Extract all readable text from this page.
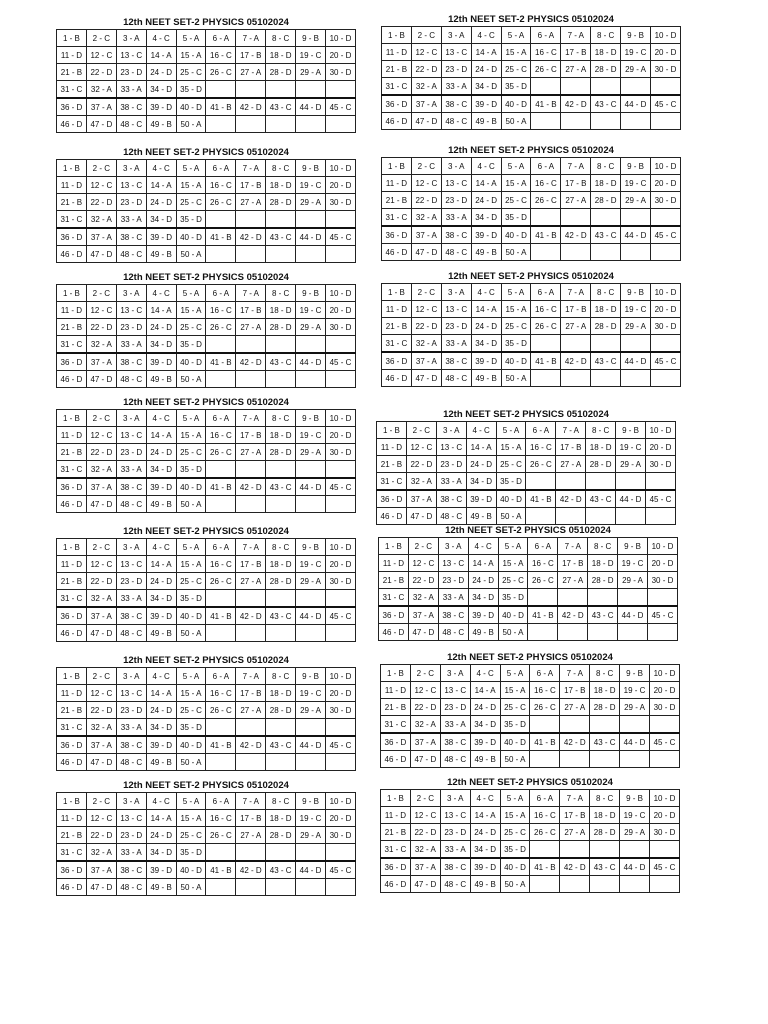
12th NEET SET-2 PHYSICS 05102024
1 - B	2 - C	3 - A	4 - C	5 - A	6 - A	7 - A	8 - C	9 - B	10 - D
11 - D	12 - C	13 - C	14 - A	15 - A	16 - C	17 - B	18 - D	19 - C	20 - D
21 - B	22 - D	23 - D	24 - D	25 - C	26 - C	27 - A	28 - D	29 - A	30 - D
31 - C	32 - A	33 - A	34 - D	35 - D					
36 - D	37 - A	38 - C	39 - D	40 - D	41 - B	42 - D	43 - C	44 - D	45 - C
46 - D	47 - D	48 - C	49 - B	50 - A					
12th NEET SET-2 PHYSICS 05102024
1 - B	2 - C	3 - A	4 - C	5 - A	6 - A	7 - A	8 - C	9 - B	10 - D
11 - D	12 - C	13 - C	14 - A	15 - A	16 - C	17 - B	18 - D	19 - C	20 - D
21 - B	22 - D	23 - D	24 - D	25 - C	26 - C	27 - A	28 - D	29 - A	30 - D
31 - C	32 - A	33 - A	34 - D	35 - D					
36 - D	37 - A	38 - C	39 - D	40 - D	41 - B	42 - D	43 - C	44 - D	45 - C
46 - D	47 - D	48 - C	49 - B	50 - A					
12th NEET SET-2 PHYSICS 05102024
1 - B	2 - C	3 - A	4 - C	5 - A	6 - A	7 - A	8 - C	9 - B	10 - D
11 - D	12 - C	13 - C	14 - A	15 - A	16 - C	17 - B	18 - D	19 - C	20 - D
21 - B	22 - D	23 - D	24 - D	25 - C	26 - C	27 - A	28 - D	29 - A	30 - D
31 - C	32 - A	33 - A	34 - D	35 - D					
36 - D	37 - A	38 - C	39 - D	40 - D	41 - B	42 - D	43 - C	44 - D	45 - C
46 - D	47 - D	48 - C	49 - B	50 - A					
12th NEET SET-2 PHYSICS 05102024
1 - B	2 - C	3 - A	4 - C	5 - A	6 - A	7 - A	8 - C	9 - B	10 - D
11 - D	12 - C	13 - C	14 - A	15 - A	16 - C	17 - B	18 - D	19 - C	20 - D
21 - B	22 - D	23 - D	24 - D	25 - C	26 - C	27 - A	28 - D	29 - A	30 - D
31 - C	32 - A	33 - A	34 - D	35 - D					
36 - D	37 - A	38 - C	39 - D	40 - D	41 - B	42 - D	43 - C	44 - D	45 - C
46 - D	47 - D	48 - C	49 - B	50 - A					
12th NEET SET-2 PHYSICS 05102024
1 - B	2 - C	3 - A	4 - C	5 - A	6 - A	7 - A	8 - C	9 - B	10 - D
11 - D	12 - C	13 - C	14 - A	15 - A	16 - C	17 - B	18 - D	19 - C	20 - D
21 - B	22 - D	23 - D	24 - D	25 - C	26 - C	27 - A	28 - D	29 - A	30 - D
31 - C	32 - A	33 - A	34 - D	35 - D					
36 - D	37 - A	38 - C	39 - D	40 - D	41 - B	42 - D	43 - C	44 - D	45 - C
46 - D	47 - D	48 - C	49 - B	50 - A					
12th NEET SET-2 PHYSICS 05102024
1 - B	2 - C	3 - A	4 - C	5 - A	6 - A	7 - A	8 - C	9 - B	10 - D
11 - D	12 - C	13 - C	14 - A	15 - A	16 - C	17 - B	18 - D	19 - C	20 - D
21 - B	22 - D	23 - D	24 - D	25 - C	26 - C	27 - A	28 - D	29 - A	30 - D
31 - C	32 - A	33 - A	34 - D	35 - D					
36 - D	37 - A	38 - C	39 - D	40 - D	41 - B	42 - D	43 - C	44 - D	45 - C
46 - D	47 - D	48 - C	49 - B	50 - A					
12th NEET SET-2 PHYSICS 05102024
1 - B	2 - C	3 - A	4 - C	5 - A	6 - A	7 - A	8 - C	9 - B	10 - D
11 - D	12 - C	13 - C	14 - A	15 - A	16 - C	17 - B	18 - D	19 - C	20 - D
21 - B	22 - D	23 - D	24 - D	25 - C	26 - C	27 - A	28 - D	29 - A	30 - D
31 - C	32 - A	33 - A	34 - D	35 - D					
36 - D	37 - A	38 - C	39 - D	40 - D	41 - B	42 - D	43 - C	44 - D	45 - C
46 - D	47 - D	48 - C	49 - B	50 - A					
12th NEET SET-2 PHYSICS 05102024
1 - B	2 - C	3 - A	4 - C	5 - A	6 - A	7 - A	8 - C	9 - B	10 - D
11 - D	12 - C	13 - C	14 - A	15 - A	16 - C	17 - B	18 - D	19 - C	20 - D
21 - B	22 - D	23 - D	24 - D	25 - C	26 - C	27 - A	28 - D	29 - A	30 - D
31 - C	32 - A	33 - A	34 - D	35 - D					
36 - D	37 - A	38 - C	39 - D	40 - D	41 - B	42 - D	43 - C	44 - D	45 - C
46 - D	47 - D	48 - C	49 - B	50 - A					
12th NEET SET-2 PHYSICS 05102024
1 - B	2 - C	3 - A	4 - C	5 - A	6 - A	7 - A	8 - C	9 - B	10 - D
11 - D	12 - C	13 - C	14 - A	15 - A	16 - C	17 - B	18 - D	19 - C	20 - D
21 - B	22 - D	23 - D	24 - D	25 - C	26 - C	27 - A	28 - D	29 - A	30 - D
31 - C	32 - A	33 - A	34 - D	35 - D					
36 - D	37 - A	38 - C	39 - D	40 - D	41 - B	42 - D	43 - C	44 - D	45 - C
46 - D	47 - D	48 - C	49 - B	50 - A					
12th NEET SET-2 PHYSICS 05102024
1 - B	2 - C	3 - A	4 - C	5 - A	6 - A	7 - A	8 - C	9 - B	10 - D
11 - D	12 - C	13 - C	14 - A	15 - A	16 - C	17 - B	18 - D	19 - C	20 - D
21 - B	22 - D	23 - D	24 - D	25 - C	26 - C	27 - A	28 - D	29 - A	30 - D
31 - C	32 - A	33 - A	34 - D	35 - D					
36 - D	37 - A	38 - C	39 - D	40 - D	41 - B	42 - D	43 - C	44 - D	45 - C
46 - D	47 - D	48 - C	49 - B	50 - A					
12th NEET SET-2 PHYSICS 05102024
1 - B	2 - C	3 - A	4 - C	5 - A	6 - A	7 - A	8 - C	9 - B	10 - D
11 - D	12 - C	13 - C	14 - A	15 - A	16 - C	17 - B	18 - D	19 - C	20 - D
21 - B	22 - D	23 - D	24 - D	25 - C	26 - C	27 - A	28 - D	29 - A	30 - D
31 - C	32 - A	33 - A	34 - D	35 - D					
36 - D	37 - A	38 - C	39 - D	40 - D	41 - B	42 - D	43 - C	44 - D	45 - C
46 - D	47 - D	48 - C	49 - B	50 - A					
12th NEET SET-2 PHYSICS 05102024
1 - B	2 - C	3 - A	4 - C	5 - A	6 - A	7 - A	8 - C	9 - B	10 - D
11 - D	12 - C	13 - C	14 - A	15 - A	16 - C	17 - B	18 - D	19 - C	20 - D
21 - B	22 - D	23 - D	24 - D	25 - C	26 - C	27 - A	28 - D	29 - A	30 - D
31 - C	32 - A	33 - A	34 - D	35 - D					
36 - D	37 - A	38 - C	39 - D	40 - D	41 - B	42 - D	43 - C	44 - D	45 - C
46 - D	47 - D	48 - C	49 - B	50 - A					
12th NEET SET-2 PHYSICS 05102024
1 - B	2 - C	3 - A	4 - C	5 - A	6 - A	7 - A	8 - C	9 - B	10 - D
11 - D	12 - C	13 - C	14 - A	15 - A	16 - C	17 - B	18 - D	19 - C	20 - D
21 - B	22 - D	23 - D	24 - D	25 - C	26 - C	27 - A	28 - D	29 - A	30 - D
31 - C	32 - A	33 - A	34 - D	35 - D					
36 - D	37 - A	38 - C	39 - D	40 - D	41 - B	42 - D	43 - C	44 - D	45 - C
46 - D	47 - D	48 - C	49 - B	50 - A					
12th NEET SET-2 PHYSICS 05102024
1 - B	2 - C	3 - A	4 - C	5 - A	6 - A	7 - A	8 - C	9 - B	10 - D
11 - D	12 - C	13 - C	14 - A	15 - A	16 - C	17 - B	18 - D	19 - C	20 - D
21 - B	22 - D	23 - D	24 - D	25 - C	26 - C	27 - A	28 - D	29 - A	30 - D
31 - C	32 - A	33 - A	34 - D	35 - D					
36 - D	37 - A	38 - C	39 - D	40 - D	41 - B	42 - D	43 - C	44 - D	45 - C
46 - D	47 - D	48 - C	49 - B	50 - A					
